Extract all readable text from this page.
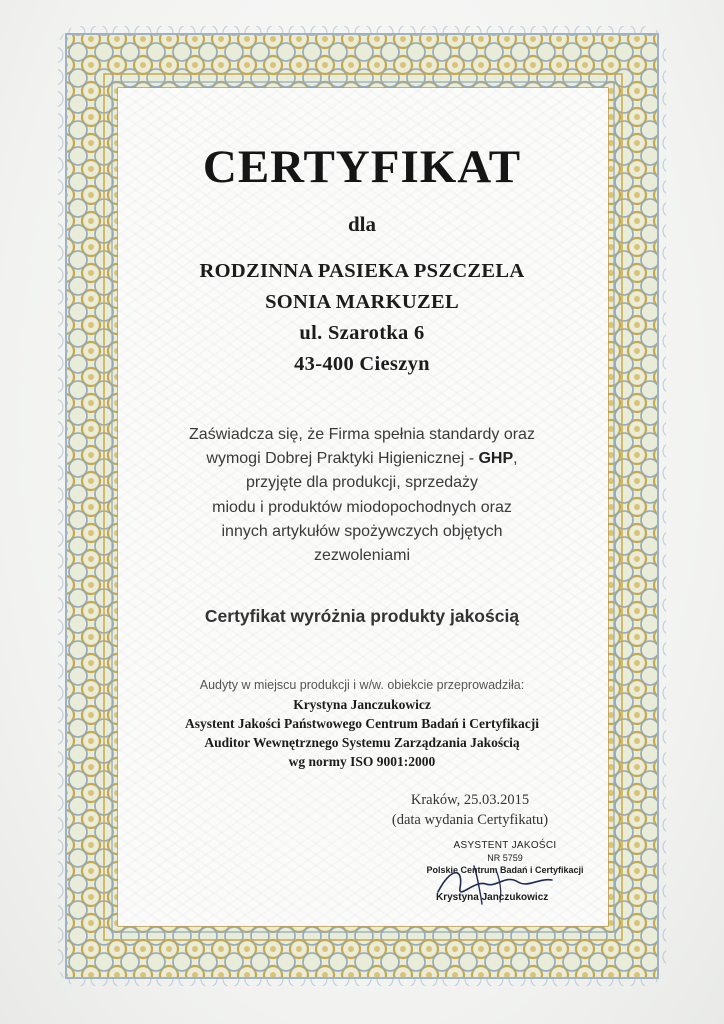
CERTYFIKAT
dla
RODZINNA PASIEKA PSZCZELA
SONIA MARKUZEL
ul. Szarotka 6
43-400 Cieszyn
Zaświadcza się, że Firma spełnia standardy oraz
wymogi Dobrej Praktyki Higienicznej - GHP,
przyjęte dla produkcji, sprzedaży
miodu i produktów miodopochodnych oraz
innych artykułów spożywczych objętych
zezwoleniami
Certyfikat wyróżnia produkty jakością
Audyty w miejscu produkcji i w/w. obiekcie przeprowadziła:
Krystyna Janczukowicz
Asystent Jakości Państwowego Centrum Badań i Certyfikacji
Auditor Wewnętrznego Systemu Zarządzania Jakością
wg normy ISO 9001:2000
Kraków, 25.03.2015
(data wydania Certyfikatu)
ASYSTENT JAKOŚCI
NR 5759
Polskie Centrum Badań i Certyfikacji
Krystyna Janczukowicz
